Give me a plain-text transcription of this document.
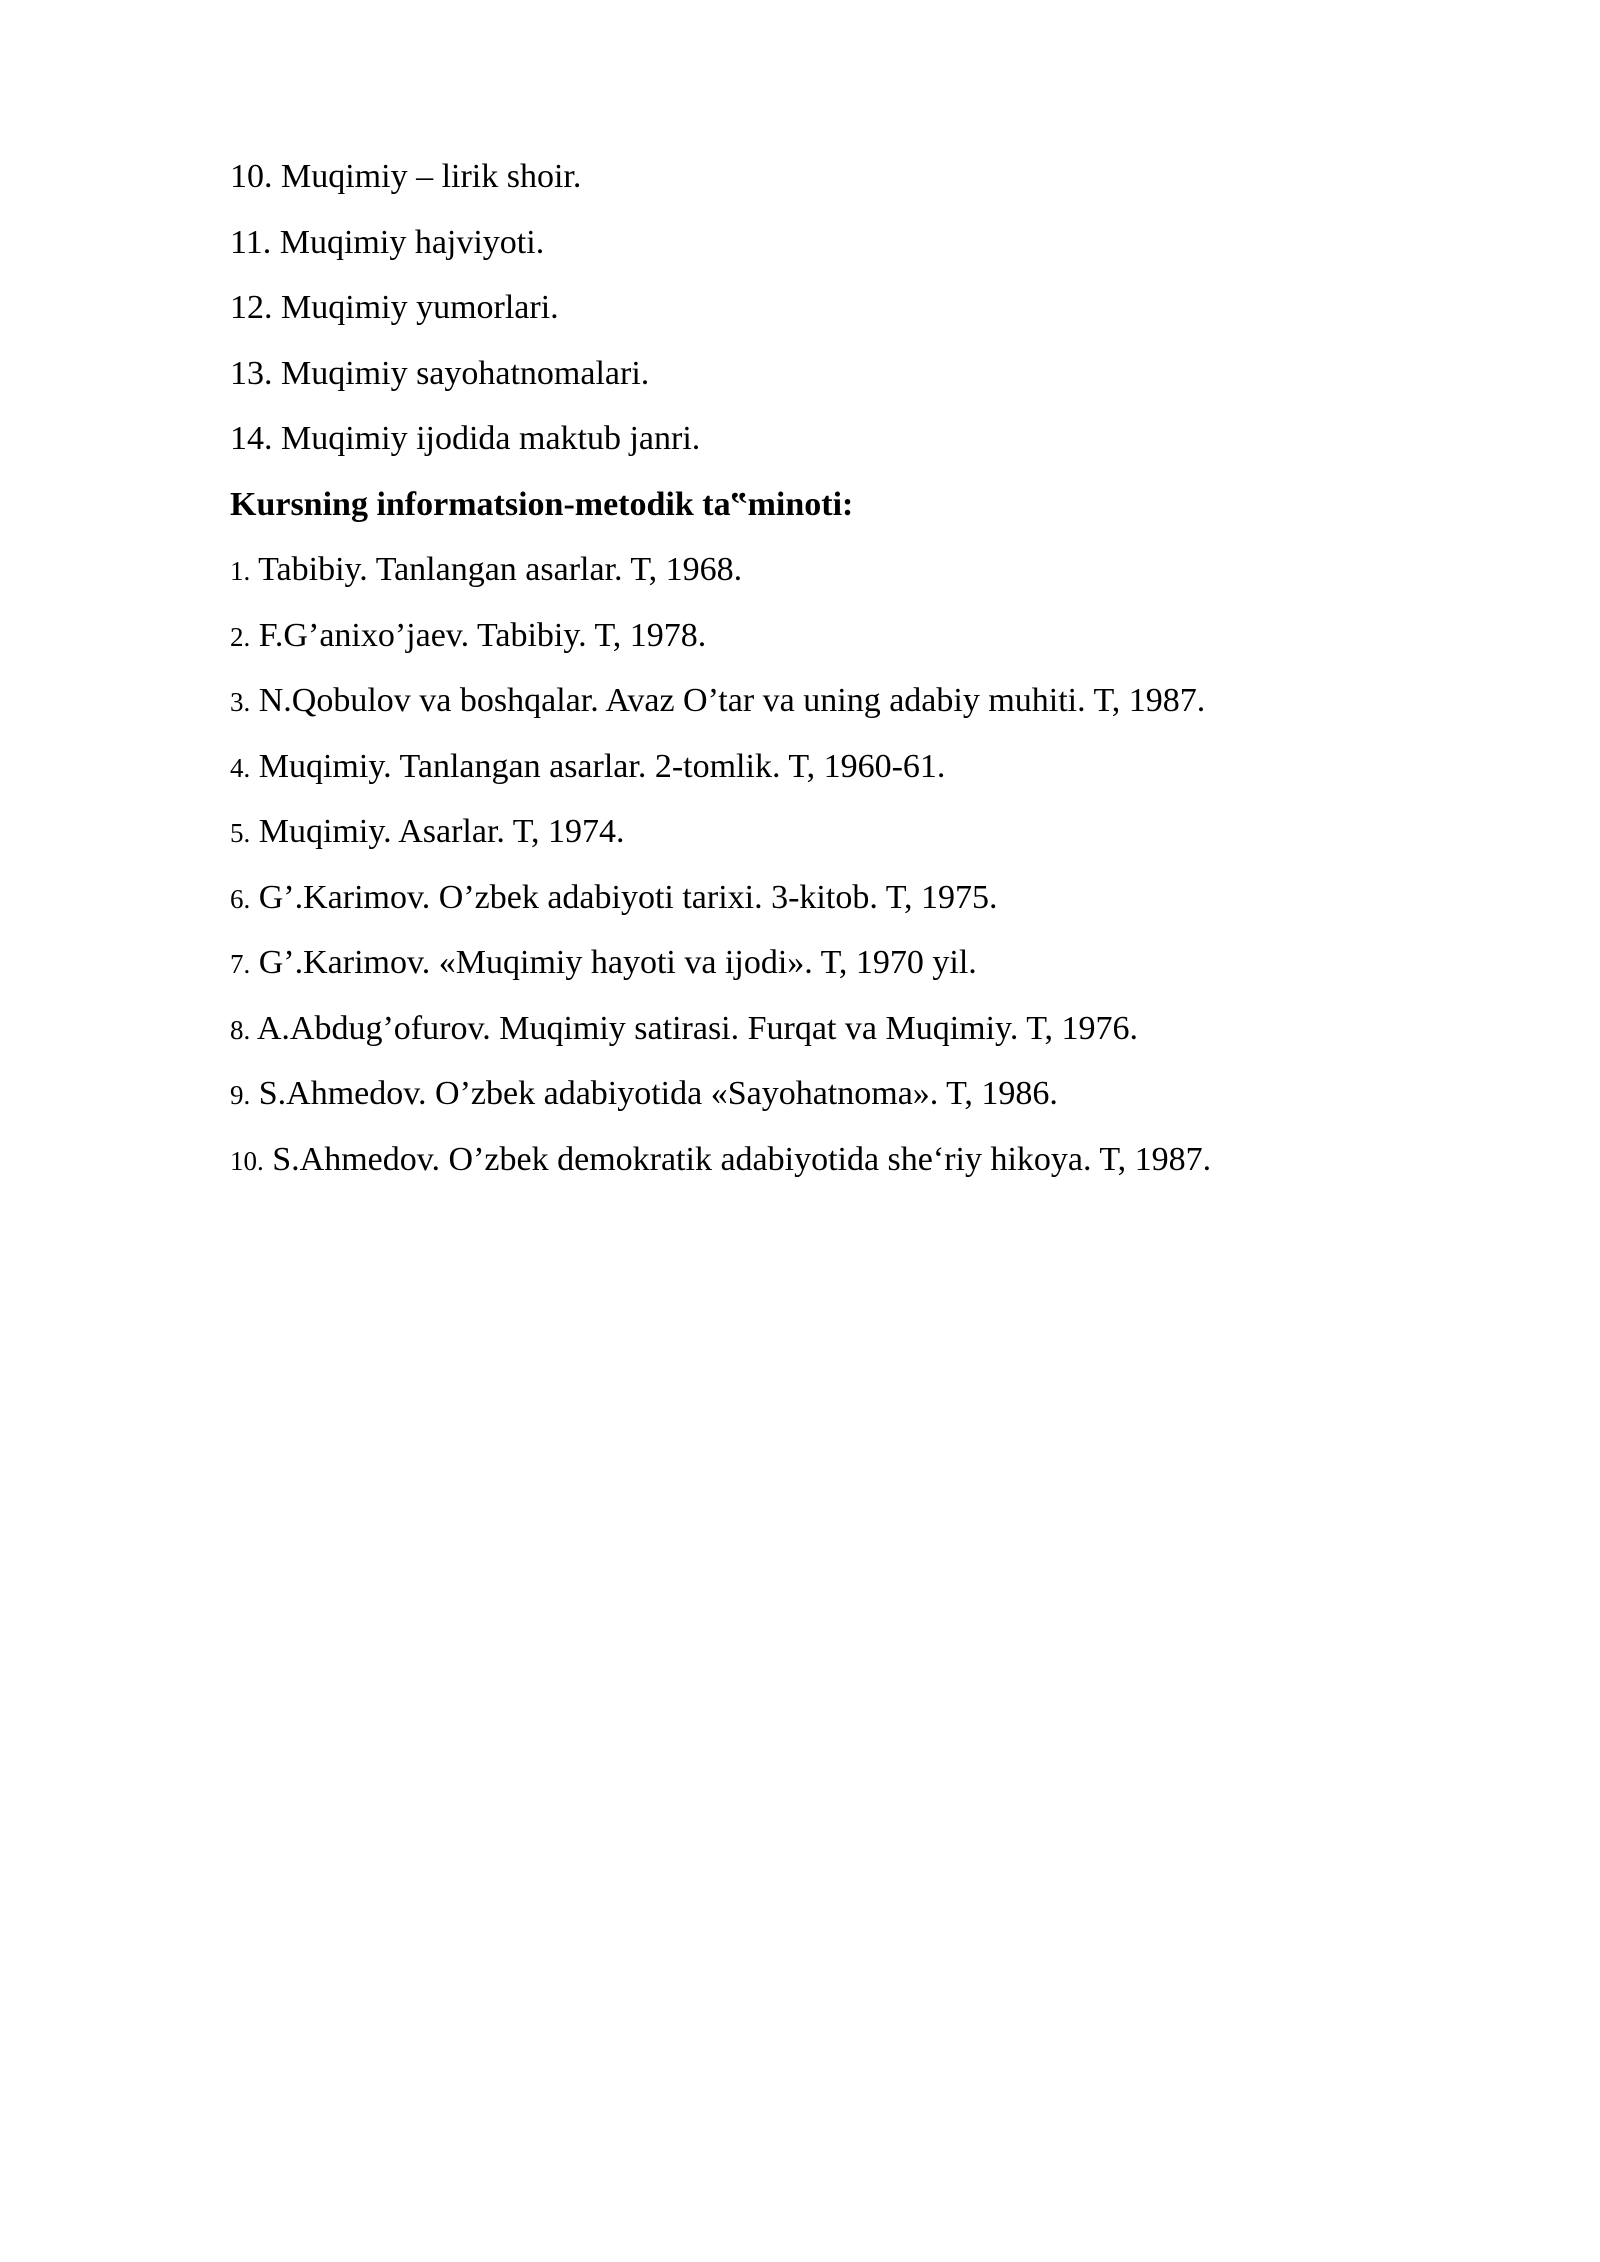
10. Muqimiy – lirik shoir.
11. Muqimiy hajviyoti.
12. Muqimiy yumorlari.
13. Muqimiy sayohatnomalari.
14. Muqimiy ijodida maktub janri.
Kursning informatsion-metodik ta‟minoti:
1. Tabibiy. Tanlangan asarlar. T, 1968.
2. F.G’anixo’jaev. Tabibiy. T, 1978.
3. N.Qobulov va boshqalar. Avaz O’tar va uning adabiy muhiti. T, 1987.
4. Muqimiy. Tanlangan asarlar. 2-tomlik. T, 1960-61.
5. Muqimiy. Asarlar. T, 1974.
6. G’.Karimov. O’zbek adabiyoti tarixi. 3-kitob. T, 1975.
7. G’.Karimov. «Muqimiy hayoti va ijodi». T, 1970 yil.
8. A.Abdug’ofurov. Muqimiy satirasi. Furqat va Muqimiy. T, 1976.
9. S.Ahmedov. O’zbek adabiyotida «Sayohatnoma». T, 1986.
10. S.Ahmedov. O’zbek demokratik adabiyotida she‘riy hikoya. T, 1987.
